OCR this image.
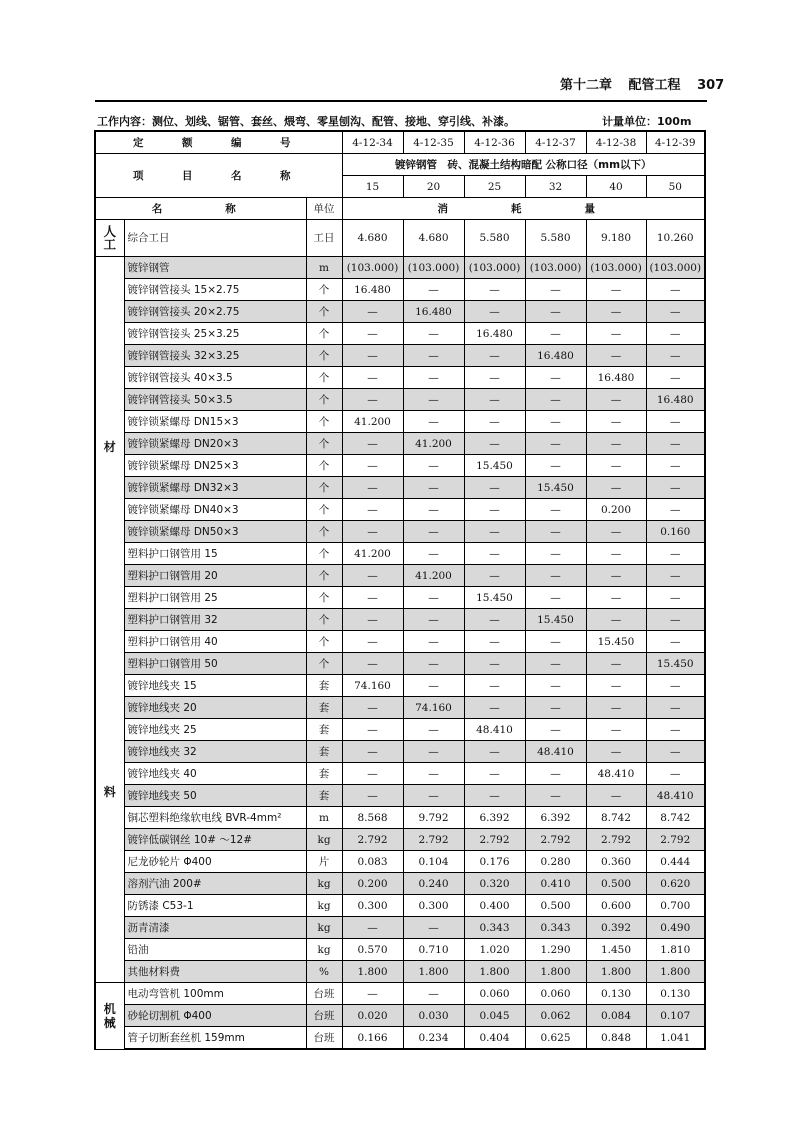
第十二章 配管工程 307
工作内容：测位、划线、锯管、套丝、煨弯、零星刨沟、配管、接地、穿引线、补漆。	计量单位：100m
定　额　编　号			4-12-34	4-12-35	4-12-36	4-12-37	4-12-38	4-12-39
项　目　名　称			镀锌钢管　砖、混凝土结构暗配 公称口径（mm以下）					
			15	20	25	32	40	50
名　　称		单位	消　　耗　　量					
人工	综合工日	工日	4.680	4.680	5.580	5.580	9.180	10.260

材
料	镀锌钢管	m	(103.000)	(103.000)	(103.000)	(103.000)	(103.000)	(103.000)
	镀锌钢管接头 15×2.75	个	16.480	—	—	—	—	—
	镀锌钢管接头 20×2.75	个	—	16.480	—	—	—	—
	镀锌钢管接头 25×3.25	个	—	—	16.480	—	—	—
	镀锌钢管接头 32×3.25	个	—	—	—	16.480	—	—
	镀锌钢管接头 40×3.5	个	—	—	—	—	16.480	—
	镀锌钢管接头 50×3.5	个	—	—	—	—	—	16.480
	镀锌锁紧螺母 DN15×3	个	41.200	—	—	—	—	—
	镀锌锁紧螺母 DN20×3	个	—	41.200	—	—	—	—
	镀锌锁紧螺母 DN25×3	个	—	—	15.450	—	—	—
	镀锌锁紧螺母 DN32×3	个	—	—	—	15.450	—	—
	镀锌锁紧螺母 DN40×3	个	—	—	—	—	0.200	—
	镀锌锁紧螺母 DN50×3	个	—	—	—	—	—	0.160
	塑料护口钢管用 15	个	41.200	—	—	—	—	—
	塑料护口钢管用 20	个	—	41.200	—	—	—	—
	塑料护口钢管用 25	个	—	—	15.450	—	—	—
	塑料护口钢管用 32	个	—	—	—	15.450	—	—
	塑料护口钢管用 40	个	—	—	—	—	15.450	—
	塑料护口钢管用 50	个	—	—	—	—	—	15.450
	镀锌地线夹 15	套	74.160	—	—	—	—	—
	镀锌地线夹 20	套	—	74.160	—	—	—	—
	镀锌地线夹 25	套	—	—	48.410	—	—	—
	镀锌地线夹 32	套	—	—	—	48.410	—	—
	镀锌地线夹 40	套	—	—	—	—	48.410	—
	镀锌地线夹 50	套	—	—	—	—	—	48.410
	铜芯塑料绝缘软电线 BVR-4mm²	m	8.568	9.792	6.392	6.392	8.742	8.742
	镀锌低碳钢丝 10# ～12#	kg	2.792	2.792	2.792	2.792	2.792	2.792
	尼龙砂轮片 Φ400	片	0.083	0.104	0.176	0.280	0.360	0.444
	溶剂汽油 200#	kg	0.200	0.240	0.320	0.410	0.500	0.620
	防锈漆 C53-1	kg	0.300	0.300	0.400	0.500	0.600	0.700
	沥青清漆	kg	—	—	0.343	0.343	0.392	0.490
	铅油	kg	0.570	0.710	1.020	1.290	1.450	1.810
	其他材料费	%	1.800	1.800	1.800	1.800	1.800	1.800
机械	电动弯管机 100mm	台班	—	—	0.060	0.060	0.130	0.130
	砂轮切割机 Φ400	台班	0.020	0.030	0.045	0.062	0.084	0.107
	管子切断套丝机 159mm	台班	0.166	0.234	0.404	0.625	0.848	1.041
